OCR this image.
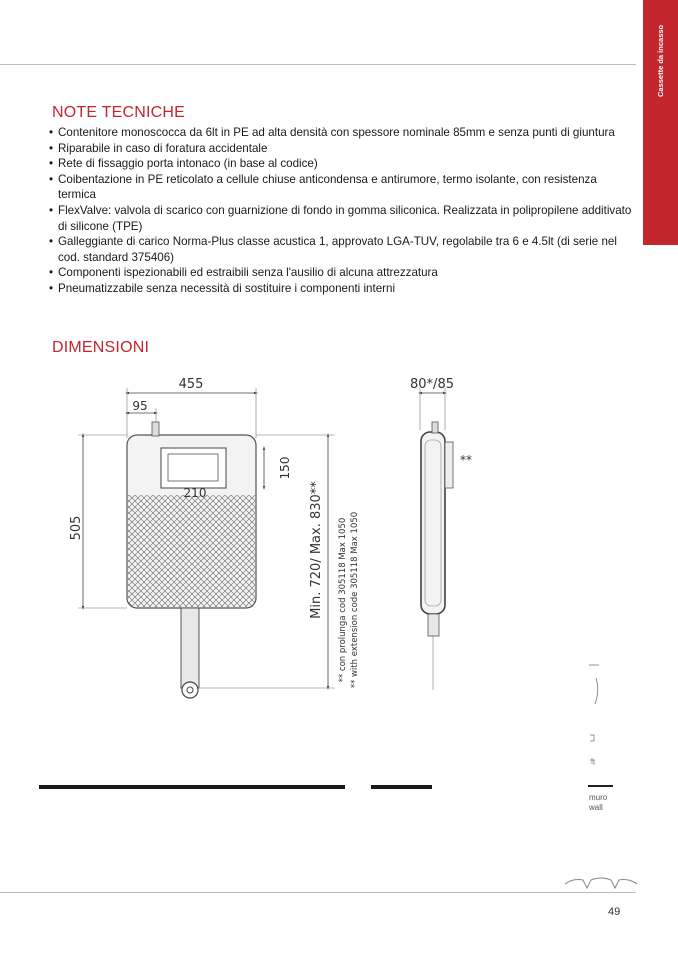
Cassette da incasso
NOTE TECNICHE
• Contenitore monoscocca da 6lt in PE ad alta densità con spessore nominale 85mm e senza punti di giuntura
• Riparabile in caso di foratura accidentale
• Rete di fissaggio porta intonaco (in base al codice)
• Coibentazione in PE reticolato a cellule chiuse anticondensa e antirumore, termo isolante, con resistenza termica
• FlexValve: valvola di scarico con guarnizione di fondo in gomma siliconica. Realizzata in polipropilene additivato di silicone (TPE)
• Galleggiante di carico Norma-Plus classe acustica 1, approvato LGA-TUV, regolabile tra 6 e 4.5lt (di serie nel cod. standard 375406)
• Componenti ispezionabili ed estraibili senza l'ausilio di alcuna attrezzatura
• Pneumatizzabile senza necessità di sostituire i componenti interni
DIMENSIONI
455
95
210
150
505	Min. 720/ Max. 830** ** con prolunga cod 305118 Max 1050 ** with extension code 305118 Max 1050
80*/85
**
muro
wall
49
